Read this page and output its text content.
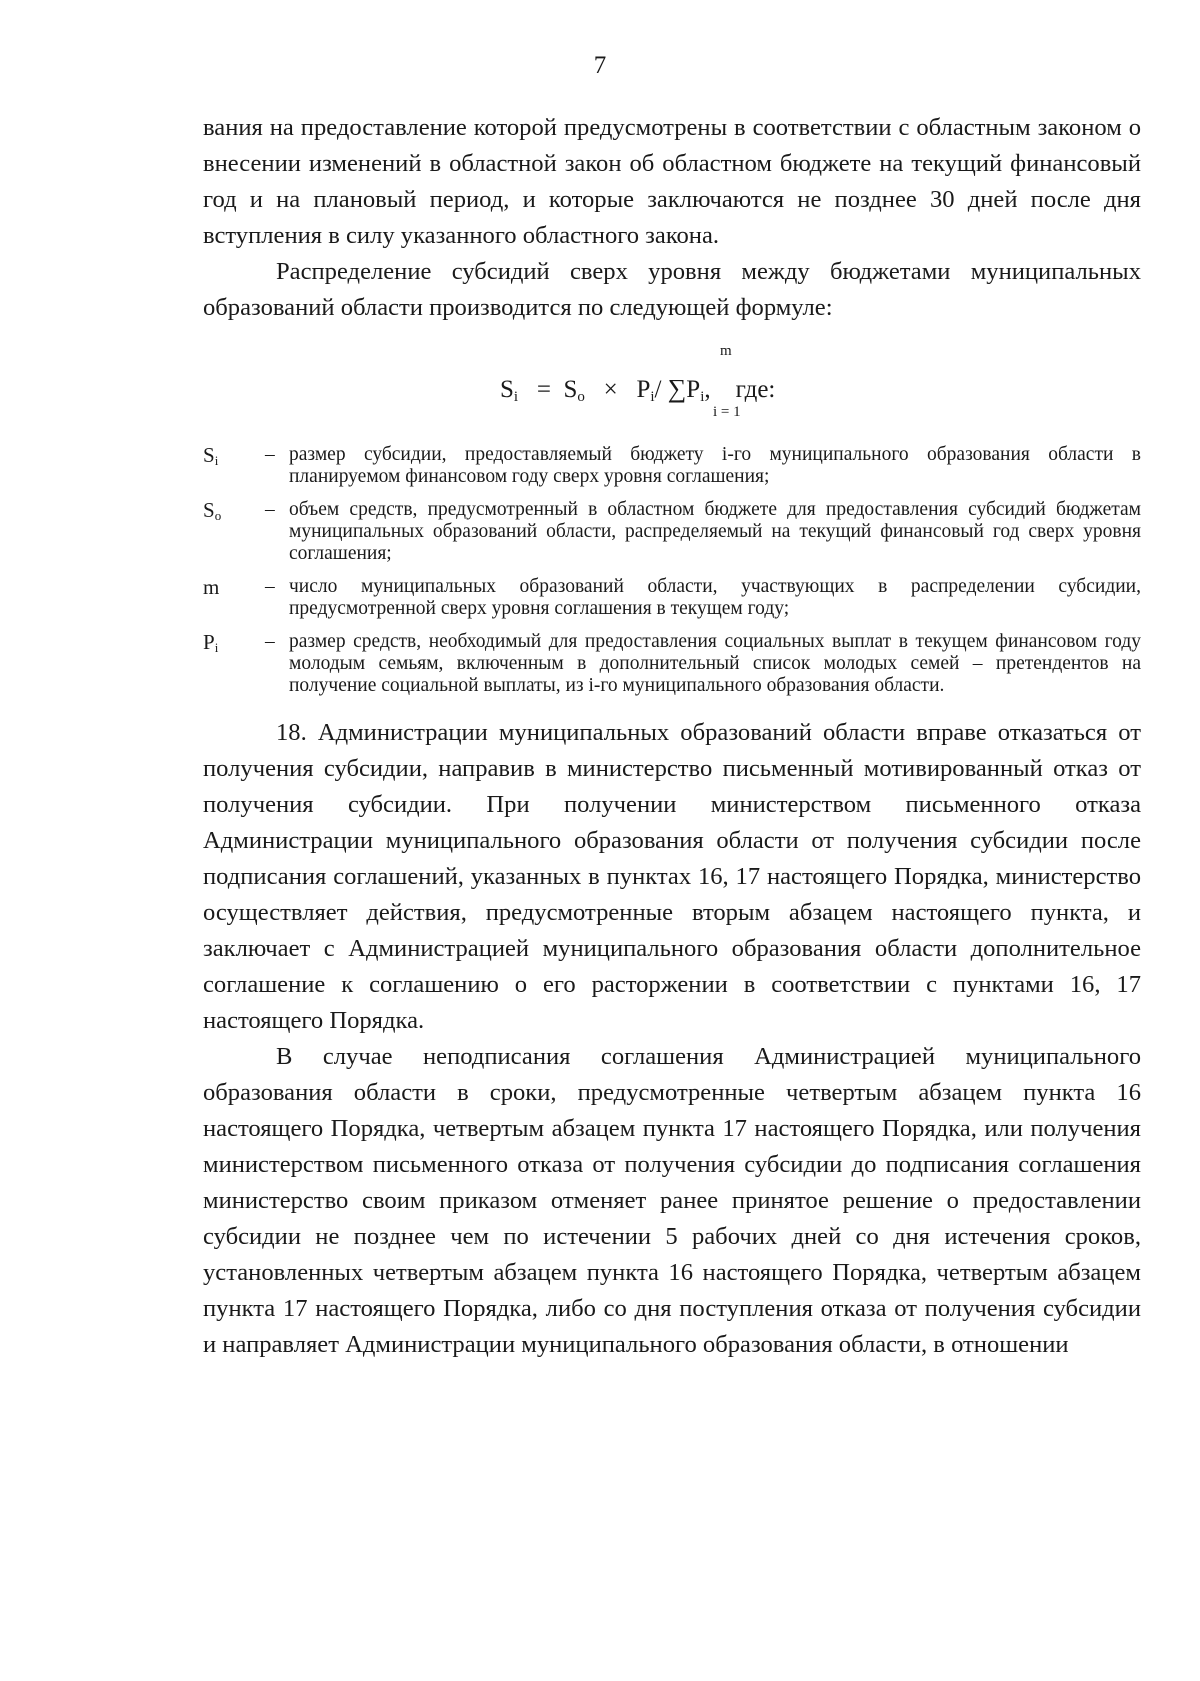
7

вания на предоставление которой предусмотрены в соответствии с областным законом о внесении изменений в областной закон об областном бюджете на текущий финансовый год и на плановый период, и которые заключаются не позднее 30 дней после дня вступления в силу указанного областного закона.

Распределение субсидий сверх уровня между бюджетами муниципальных образований области производится по следующей формуле:

m
$S_i = S_o \times P_i/$ $\sum P_i$, где:
i = 1
$S_i$	– размер субсидии, предоставляемый бюджету i-го муниципального образования области в планируемом финансовом году сверх уровня соглашения;
$S_o$	– объем средств, предусмотренный в областном бюджете для предоставления субсидий бюджетам муниципальных образований области, распределяемый на текущий финансовый год сверх уровня соглашения;
m	– число муниципальных образований области, участвующих в распределении субсидии, предусмотренной сверх уровня соглашения в текущем году;
$P_i$	– размер средств, необходимый для предоставления социальных выплат в текущем финансовом году молодым семьям, включенным в дополнительный список молодых семей – претендентов на получение социальной выплаты, из i-го муниципального образования области.

18. Администрации муниципальных образований области вправе отказаться от получения субсидии, направив в министерство письменный мотивированный отказ от получения субсидии. При получении министерством письменного отказа Администрации муниципального образования области от получения субсидии после подписания соглашений, указанных в пунктах 16, 17 настоящего Порядка, министерство осуществляет действия, предусмотренные вторым абзацем настоящего пункта, и заключает с Администрацией муниципального образования области дополнительное соглашение к соглашению о его расторжении в соответствии с пунктами 16, 17 настоящего Порядка.

В случае неподписания соглашения Администрацией муниципального образования области в сроки, предусмотренные четвертым абзацем пункта 16 настоящего Порядка, четвертым абзацем пункта 17 настоящего Порядка, или получения министерством письменного отказа от получения субсидии до подписания соглашения министерство своим приказом отменяет ранее принятое решение о предоставлении субсидии не позднее чем по истечении 5 рабочих дней со дня истечения сроков, установленных четвертым абзацем пункта 16 настоящего Порядка, четвертым абзацем пункта 17 настоящего Порядка, либо со дня поступления отказа от получения субсидии и направляет Администрации муниципального образования области, в отношении
